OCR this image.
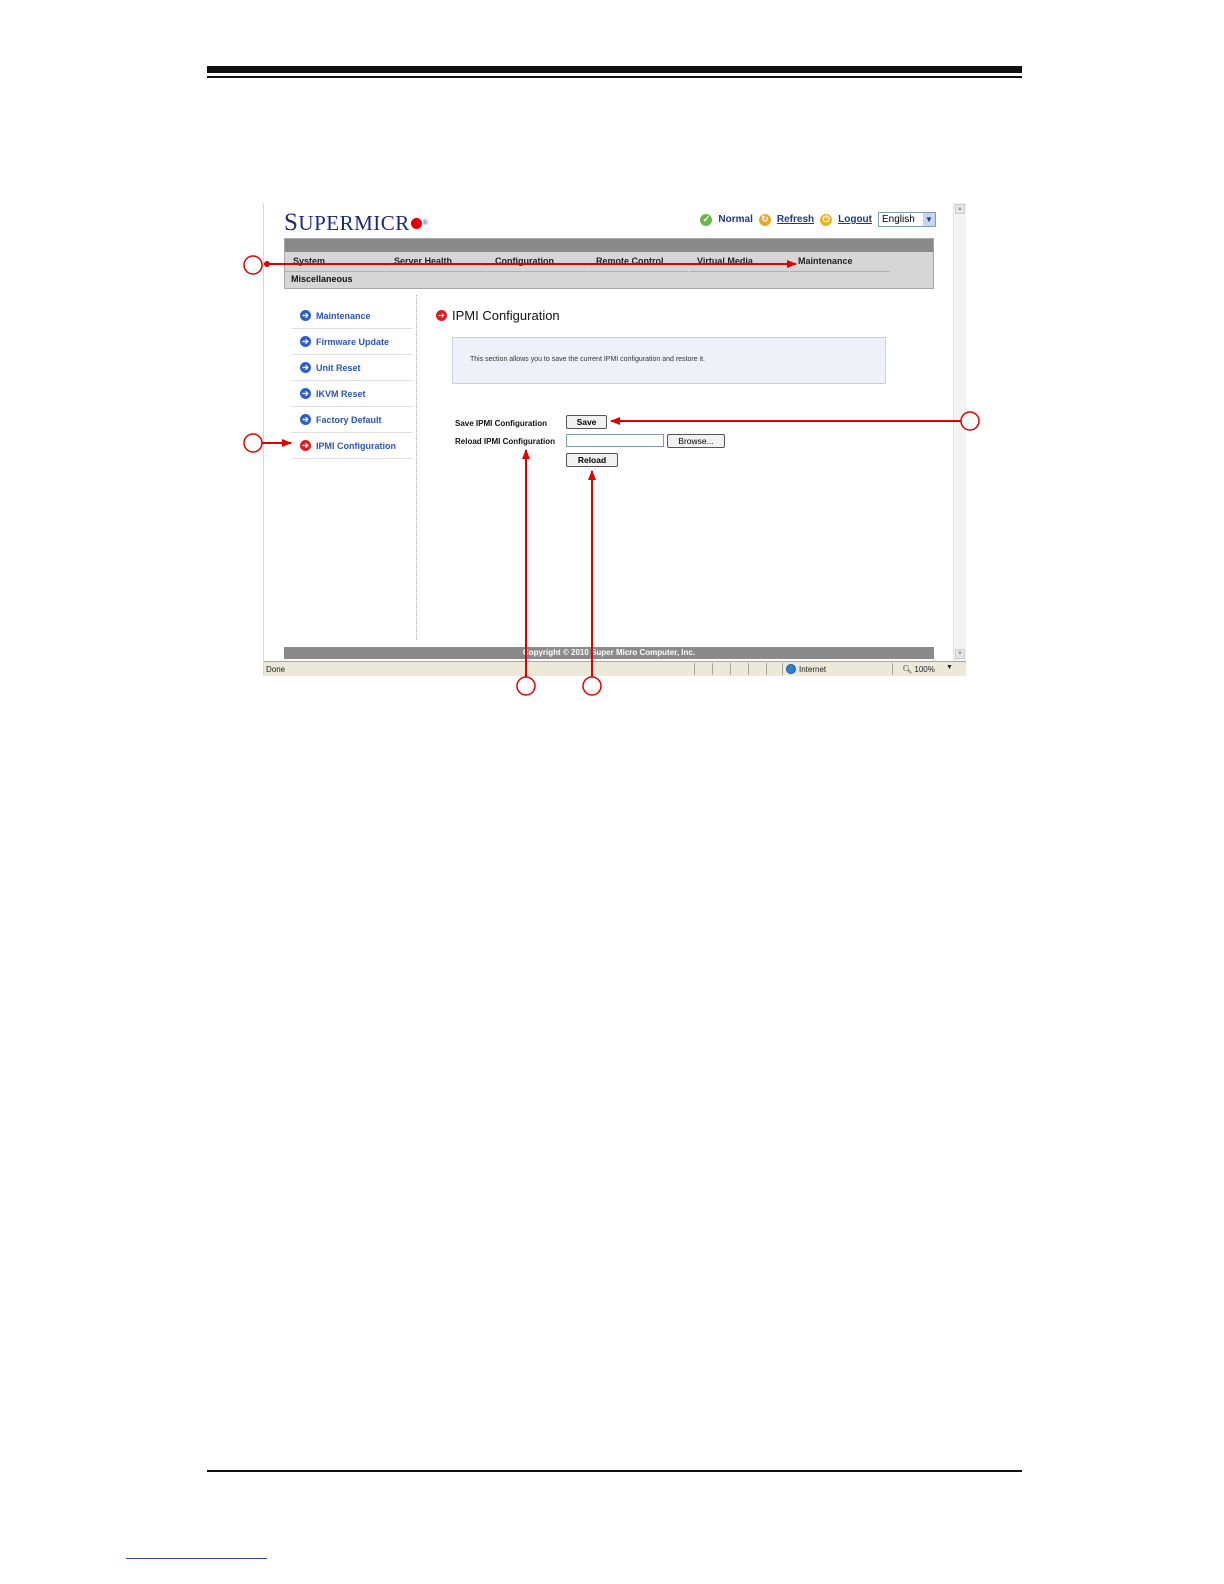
SUPERMICR ®	✓ Normal ↻ Refresh ⏻ Logout English	▼
System	Server Health	Configuration	Remote Control	Virtual Media	Maintenance
Miscellaneous
➔ Maintenance
➔ Firmware Update
➔ Unit Reset
➔ IKVM Reset
➔ Factory Default
➔ IPMI Configuration
➔ IPMI Configuration
This section allows you to save the current IPMI configuration and restore it.
Save IPMI Configuration	Save
Reload IPMI Configuration	Browse...
Reload
Copyright © 2010 Super Micro Computer, Inc.
▲
▼
Done	Internet	🔍︎ 100% ▼
